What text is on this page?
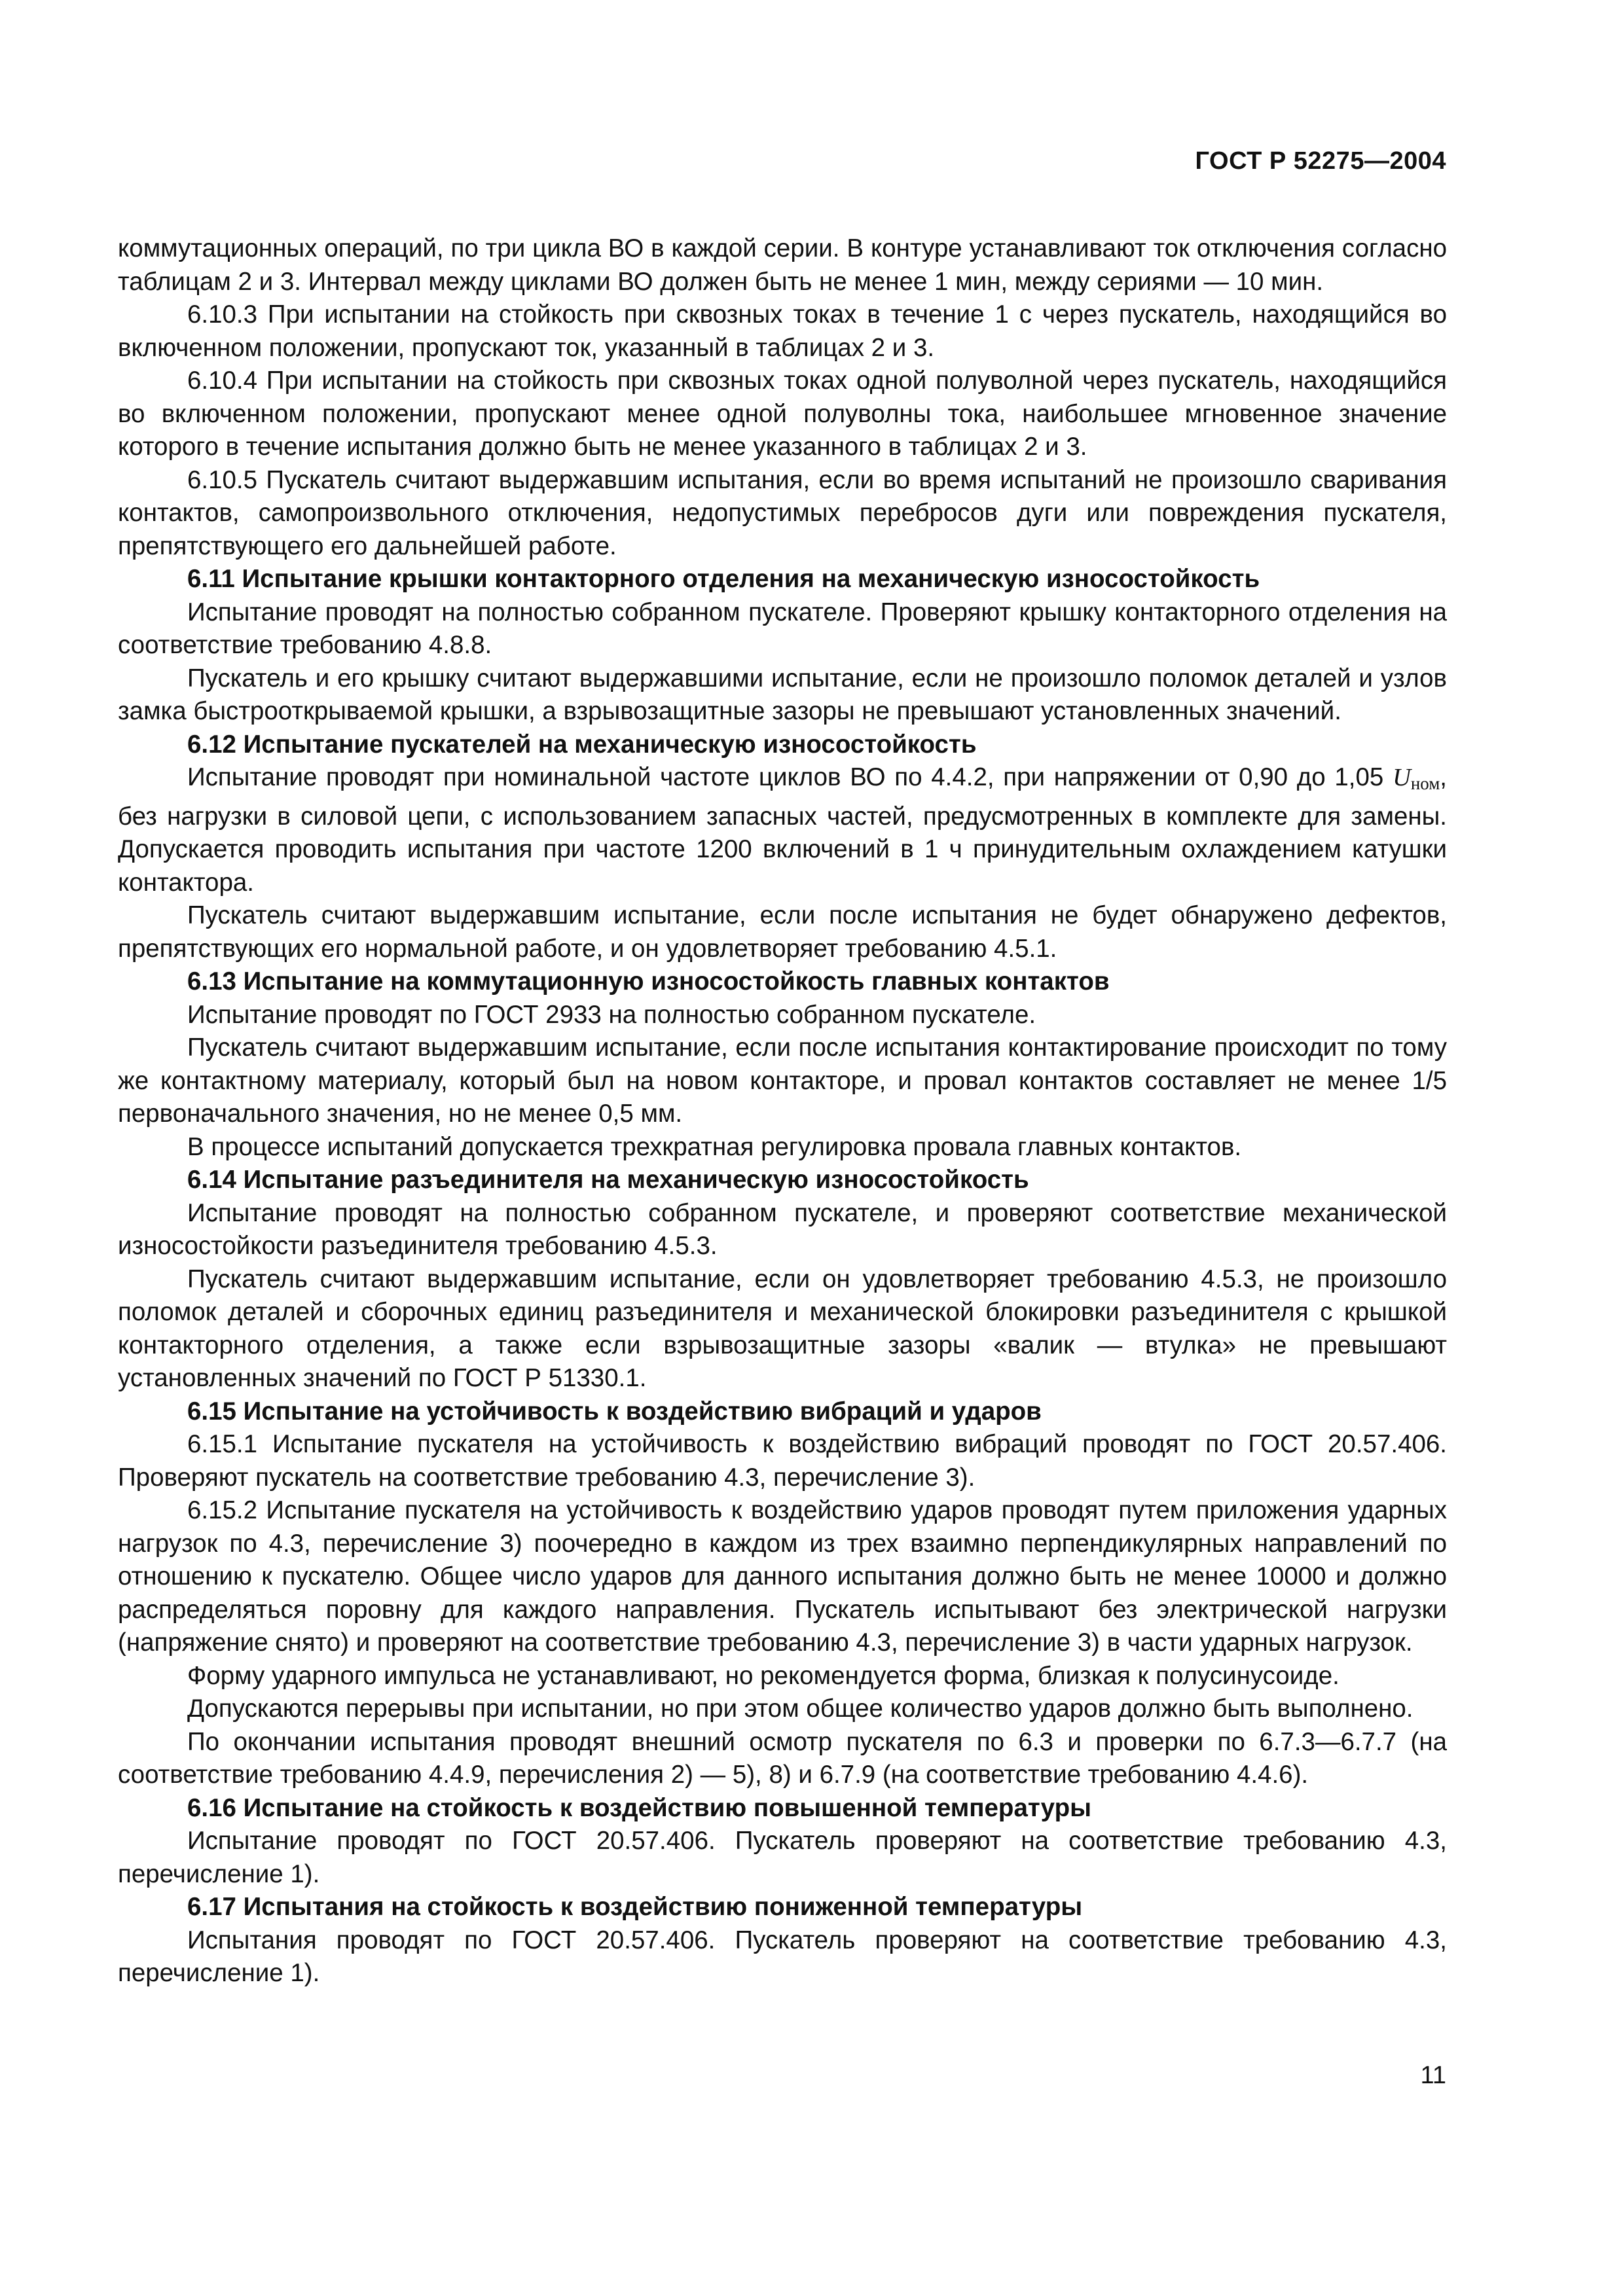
ГОСТ Р 52275—2004

коммутационных операций, по три цикла ВО в каждой серии. В контуре устанавливают ток отключения согласно таблицам 2 и 3. Интервал между циклами ВО должен быть не менее 1 мин, между сериями — 10 мин.

6.10.3 При испытании на стойкость при сквозных токах в течение 1 с через пускатель, находящийся во включенном положении, пропускают ток, указанный в таблицах 2 и 3.

6.10.4 При испытании на стойкость при сквозных токах одной полуволной через пускатель, находящийся во включенном положении, пропускают менее одной полуволны тока, наибольшее мгновенное значение которого в течение испытания должно быть не менее указанного в таблицах 2 и 3.

6.10.5 Пускатель считают выдержавшим испытания, если во время испытаний не произошло сваривания контактов, самопроизвольного отключения, недопустимых перебросов дуги или повреждения пускателя, препятствующего его дальнейшей работе.

6.11 Испытание крышки контакторного отделения на механическую износостойкость

Испытание проводят на полностью собранном пускателе. Проверяют крышку контакторного отделения на соответствие требованию 4.8.8.

Пускатель и его крышку считают выдержавшими испытание, если не произошло поломок деталей и узлов замка быстрооткрываемой крышки, а взрывозащитные зазоры не превышают установленных значений.

6.12 Испытание пускателей на механическую износостойкость

Испытание проводят при номинальной частоте циклов ВО по 4.4.2, при напряжении от 0,90 до 1,05 $U_{ном}$, без нагрузки в силовой цепи, с использованием запасных частей, предусмотренных в комплекте для замены. Допускается проводить испытания при частоте 1200 включений в 1 ч принудительным охлаждением катушки контактора.

Пускатель считают выдержавшим испытание, если после испытания не будет обнаружено дефектов, препятствующих его нормальной работе, и он удовлетворяет требованию 4.5.1.

6.13 Испытание на коммутационную износостойкость главных контактов

Испытание проводят по ГОСТ 2933 на полностью собранном пускателе.

Пускатель считают выдержавшим испытание, если после испытания контактирование происходит по тому же контактному материалу, который был на новом контакторе, и провал контактов составляет не менее 1/5 первоначального значения, но не менее 0,5 мм.

В процессе испытаний допускается трехкратная регулировка провала главных контактов.

6.14 Испытание разъединителя на механическую износостойкость

Испытание проводят на полностью собранном пускателе, и проверяют соответствие механической износостойкости разъединителя требованию 4.5.3.

Пускатель считают выдержавшим испытание, если он удовлетворяет требованию 4.5.3, не произошло поломок деталей и сборочных единиц разъединителя и механической блокировки разъединителя с крышкой контакторного отделения, а также если взрывозащитные зазоры «валик — втулка» не превышают установленных значений по ГОСТ Р 51330.1.

6.15 Испытание на устойчивость к воздействию вибраций и ударов

6.15.1 Испытание пускателя на устойчивость к воздействию вибраций проводят по ГОСТ 20.57.406. Проверяют пускатель на соответствие требованию 4.3, перечисление 3).

6.15.2 Испытание пускателя на устойчивость к воздействию ударов проводят путем приложения ударных нагрузок по 4.3, перечисление 3) поочередно в каждом из трех взаимно перпендикулярных направлений по отношению к пускателю. Общее число ударов для данного испытания должно быть не менее 10000 и должно распределяться поровну для каждого направления. Пускатель испытывают без электрической нагрузки (напряжение снято) и проверяют на соответствие требованию 4.3, перечисление 3) в части ударных нагрузок.

Форму ударного импульса не устанавливают, но рекомендуется форма, близкая к полусинусоиде.

Допускаются перерывы при испытании, но при этом общее количество ударов должно быть выполнено.

По окончании испытания проводят внешний осмотр пускателя по 6.3 и проверки по 6.7.3—6.7.7 (на соответствие требованию 4.4.9, перечисления 2) — 5), 8) и 6.7.9 (на соответствие требованию 4.4.6).

6.16 Испытание на стойкость к воздействию повышенной температуры

Испытание проводят по ГОСТ 20.57.406. Пускатель проверяют на соответствие требованию 4.3, перечисление 1).

6.17 Испытания на стойкость к воздействию пониженной температуры

Испытания проводят по ГОСТ 20.57.406. Пускатель проверяют на соответствие требованию 4.3, перечисление 1).

11
